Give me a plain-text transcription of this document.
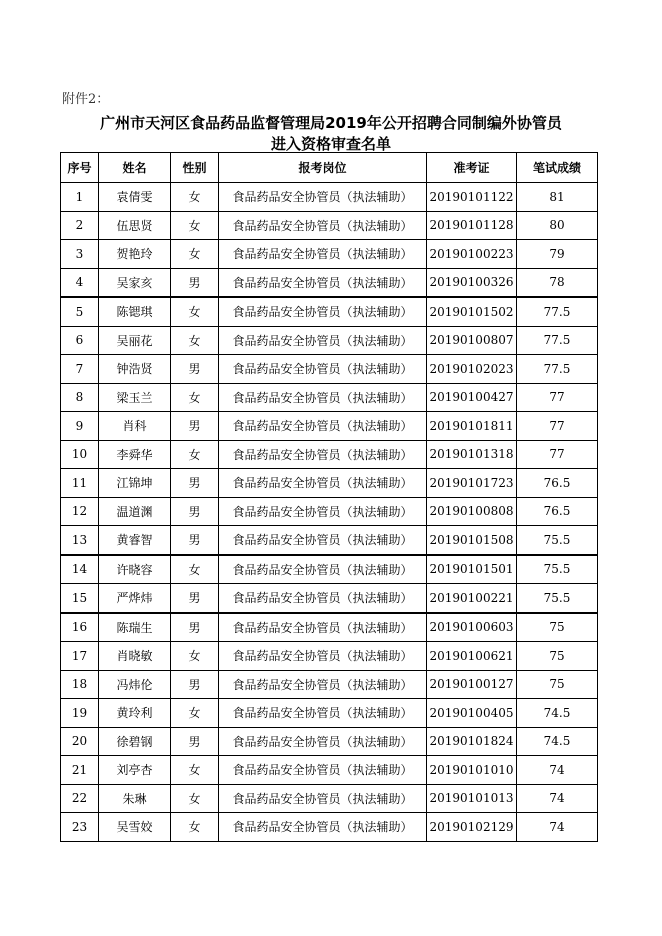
附件2：
广州市天河区食品药品监督管理局2019年公开招聘合同制编外协管员
进入资格审查名单
序号	姓名	性别	报考岗位	准考证	笔试成绩
1	袁倩雯	女	食品药品安全协管员（执法辅助）	20190101122	81
2	伍思贤	女	食品药品安全协管员（执法辅助）	20190101128	80
3	贺艳玲	女	食品药品安全协管员（执法辅助）	20190100223	79
4	吴家亥	男	食品药品安全协管员（执法辅助）	20190100326	78
5	陈锶琪	女	食品药品安全协管员（执法辅助）	20190101502	77.5
6	吴丽花	女	食品药品安全协管员（执法辅助）	20190100807	77.5
7	钟浩贤	男	食品药品安全协管员（执法辅助）	20190102023	77.5
8	梁玉兰	女	食品药品安全协管员（执法辅助）	20190100427	77
9	肖科	男	食品药品安全协管员（执法辅助）	20190101811	77
10	李舜华	女	食品药品安全协管员（执法辅助）	20190101318	77
11	江锦坤	男	食品药品安全协管员（执法辅助）	20190101723	76.5
12	温道渊	男	食品药品安全协管员（执法辅助）	20190100808	76.5
13	黄睿智	男	食品药品安全协管员（执法辅助）	20190101508	75.5
14	许晓容	女	食品药品安全协管员（执法辅助）	20190101501	75.5
15	严烨炜	男	食品药品安全协管员（执法辅助）	20190100221	75.5
16	陈瑞生	男	食品药品安全协管员（执法辅助）	20190100603	75
17	肖晓敏	女	食品药品安全协管员（执法辅助）	20190100621	75
18	冯炜伦	男	食品药品安全协管员（执法辅助）	20190100127	75
19	黄玲利	女	食品药品安全协管员（执法辅助）	20190100405	74.5
20	徐碧钢	男	食品药品安全协管员（执法辅助）	20190101824	74.5
21	刘亭杏	女	食品药品安全协管员（执法辅助）	20190101010	74
22	朱琳	女	食品药品安全协管员（执法辅助）	20190101013	74
23	吴雪姣	女	食品药品安全协管员（执法辅助）	20190102129	74
